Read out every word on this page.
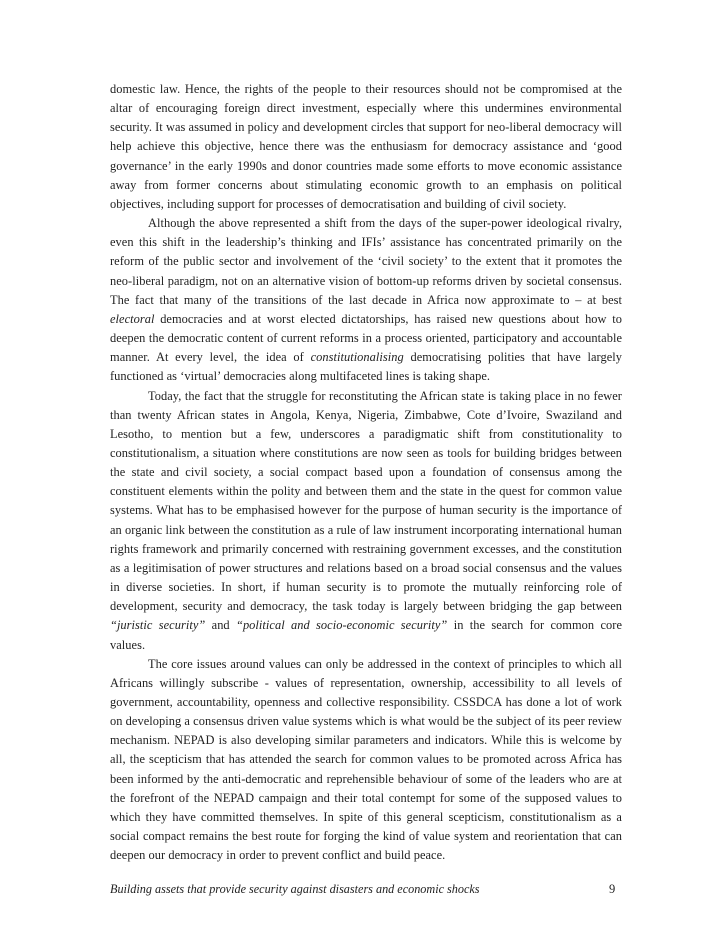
domestic law. Hence, the rights of the people to their resources should not be compromised at the altar of encouraging foreign direct investment, especially where this undermines environmental security. It was assumed in policy and development circles that support for neo-liberal democracy will help achieve this objective, hence there was the enthusiasm for democracy assistance and ‘good governance’ in the early 1990s and donor countries made some efforts to move economic assistance away from former concerns about stimulating economic growth to an emphasis on political objectives, including support for processes of democratisation and building of civil society.

Although the above represented a shift from the days of the super-power ideological rivalry, even this shift in the leadership’s thinking and IFIs’ assistance has concentrated primarily on the reform of the public sector and involvement of the ‘civil society’ to the extent that it promotes the neo-liberal paradigm, not on an alternative vision of bottom-up reforms driven by societal consensus. The fact that many of the transitions of the last decade in Africa now approximate to – at best electoral democracies and at worst elected dictatorships, has raised new questions about how to deepen the democratic content of current reforms in a process oriented, participatory and accountable manner. At every level, the idea of constitutionalising democratising polities that have largely functioned as ‘virtual’ democracies along multifaceted lines is taking shape.

Today, the fact that the struggle for reconstituting the African state is taking place in no fewer than twenty African states in Angola, Kenya, Nigeria, Zimbabwe, Cote d’Ivoire, Swaziland and Lesotho, to mention but a few, underscores a paradigmatic shift from constitutionality to constitutionalism, a situation where constitutions are now seen as tools for building bridges between the state and civil society, a social compact based upon a foundation of consensus among the constituent elements within the polity and between them and the state in the quest for common value systems. What has to be emphasised however for the purpose of human security is the importance of an organic link between the constitution as a rule of law instrument incorporating international human rights framework and primarily concerned with restraining government excesses, and the constitution as a legitimisation of power structures and relations based on a broad social consensus and the values in diverse societies. In short, if human security is to promote the mutually reinforcing role of development, security and democracy, the task today is largely between bridging the gap between “juristic security” and “political and socio-economic security” in the search for common core values.

The core issues around values can only be addressed in the context of principles to which all Africans willingly subscribe - values of representation, ownership, accessibility to all levels of government, accountability, openness and collective responsibility. CSSDCA has done a lot of work on developing a consensus driven value systems which is what would be the subject of its peer review mechanism. NEPAD is also developing similar parameters and indicators. While this is welcome by all, the scepticism that has attended the search for common values to be promoted across Africa has been informed by the anti-democratic and reprehensible behaviour of some of the leaders who are at the forefront of the NEPAD campaign and their total contempt for some of the supposed values to which they have committed themselves. In spite of this general scepticism, constitutionalism as a social compact remains the best route for forging the kind of value system and reorientation that can deepen our democracy in order to prevent conflict and build peace.

Building assets that provide security against disasters and economic shocks	9
